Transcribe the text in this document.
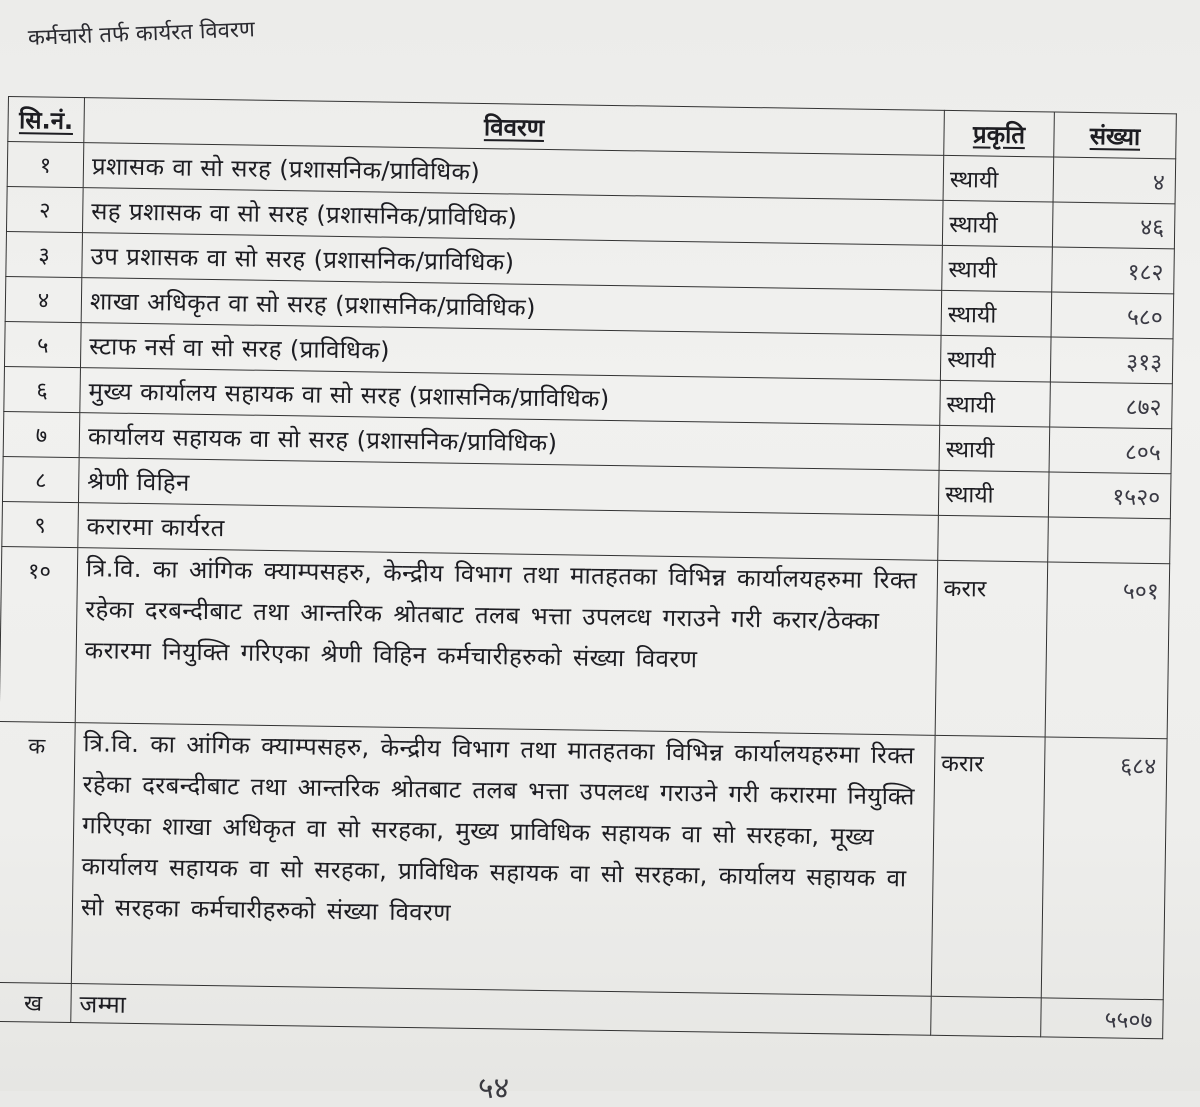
कर्मचारी तर्फ कार्यरत विवरण
सि.नं.	विवरण	प्रकृति	संख्या
१	प्रशासक वा सो सरह (प्रशासनिक/प्राविधिक)	स्थायी	४
२	सह प्रशासक वा सो सरह (प्रशासनिक/प्राविधिक)	स्थायी	४६
३	उप प्रशासक वा सो सरह (प्रशासनिक/प्राविधिक)	स्थायी	१८२
४	शाखा अधिकृत वा सो सरह (प्रशासनिक/प्राविधिक)	स्थायी	५८०
५	स्टाफ नर्स वा सो सरह (प्राविधिक)	स्थायी	३१३
६	मुख्य कार्यालय सहायक वा सो सरह (प्रशासनिक/प्राविधिक)	स्थायी	८७२
७	कार्यालय सहायक वा सो सरह (प्रशासनिक/प्राविधिक)	स्थायी	८०५
८	श्रेणी विहिन	स्थायी	१५२०
९	करारमा कार्यरत		
१०	त्रि.वि. का आंगिक क्याम्पसहरु, केन्द्रीय विभाग तथा मातहतका विभिन्न कार्यालयहरुमा रिक्त रहेका दरबन्दीबाट तथा आन्तरिक श्रोतबाट तलब भत्ता उपलव्ध गराउने गरी करार/ठेक्का करारमा नियुक्ति गरिएका श्रेणी विहिन कर्मचारीहरुको संख्या विवरण	करार	५०१
क	त्रि.वि. का आंगिक क्याम्पसहरु, केन्द्रीय विभाग तथा मातहतका विभिन्न कार्यालयहरुमा रिक्त रहेका दरबन्दीबाट तथा आन्तरिक श्रोतबाट तलब भत्ता उपलव्ध गराउने गरी करारमा नियुक्ति गरिएका शाखा अधिकृत वा सो सरहका, मुख्य प्राविधिक सहायक वा सो सरहका, मूख्य कार्यालय सहायक वा सो सरहका, प्राविधिक सहायक वा सो सरहका, कार्यालय सहायक वा सो सरहका कर्मचारीहरुको संख्या विवरण	करार	६८४
ख	जम्मा		५५०७
५४
